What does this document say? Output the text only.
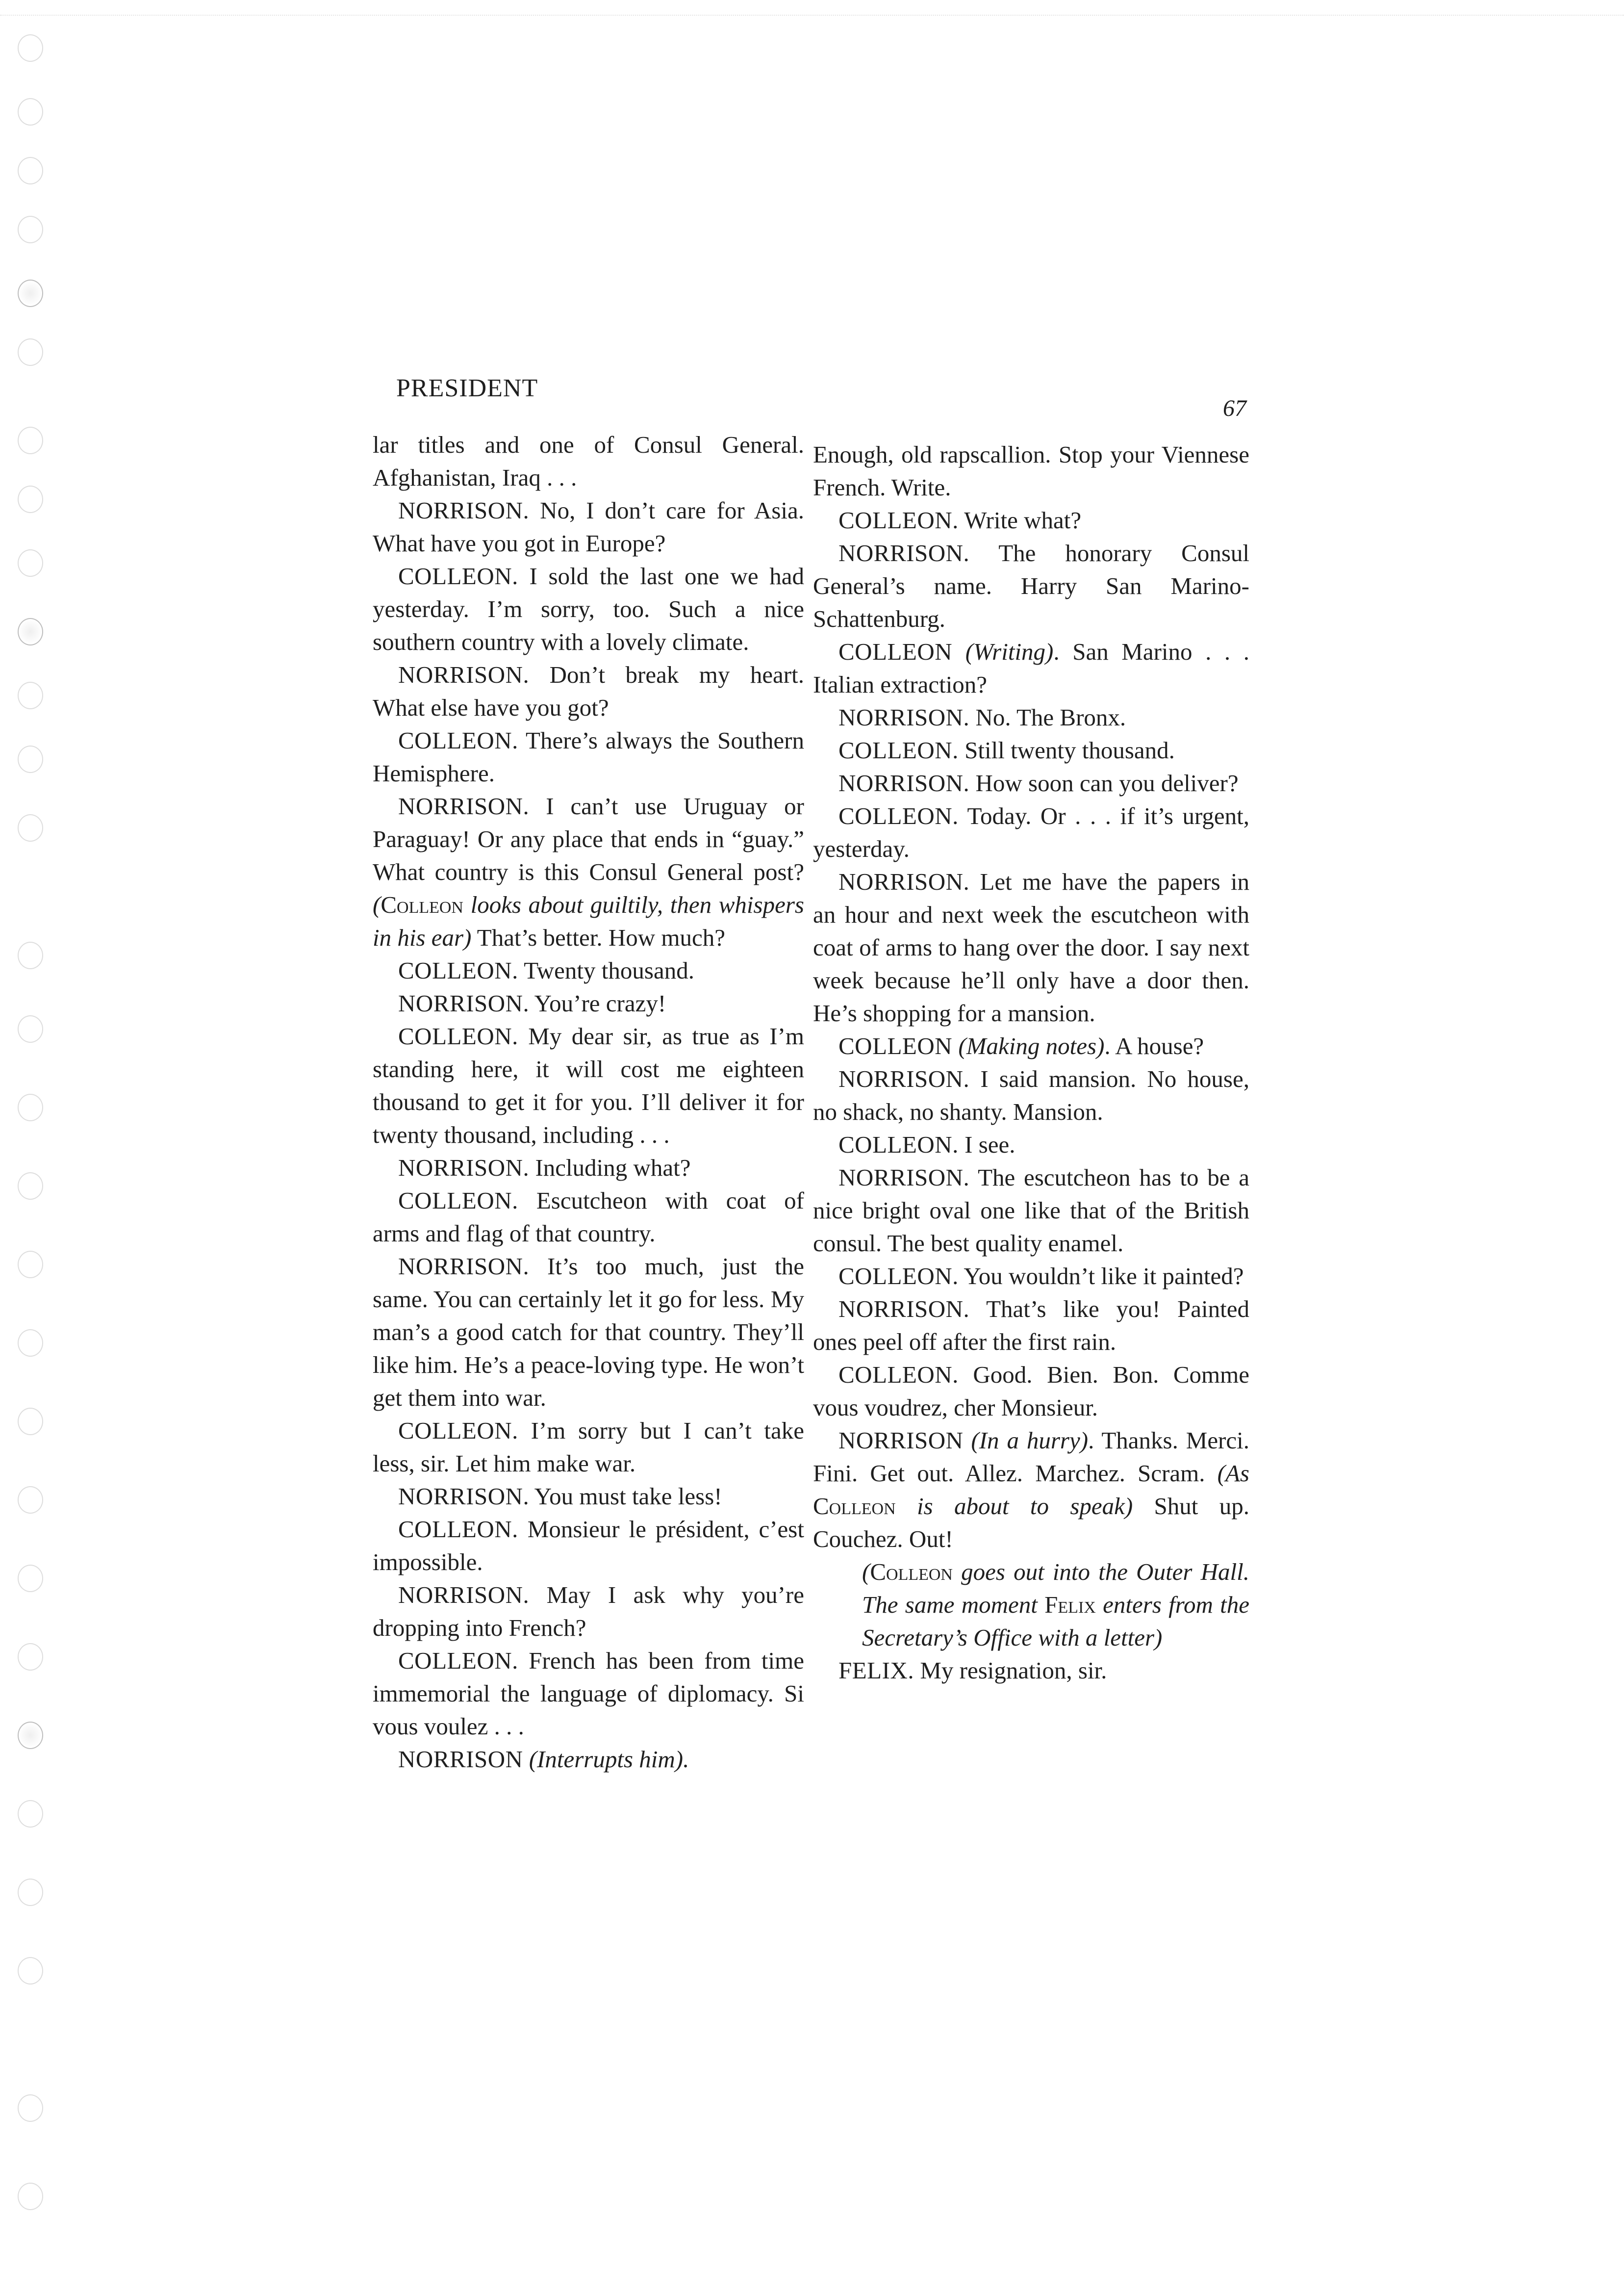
PRESIDENT
67

lar titles and one of Consul General. Afghanistan, Iraq . . .

NORRISON. No, I don’t care for Asia. What have you got in Europe?

COLLEON. I sold the last one we had yesterday. I’m sorry, too. Such a nice southern country with a lovely climate.

NORRISON. Don’t break my heart. What else have you got?

COLLEON. There’s always the Southern Hemisphere.

NORRISON. I can’t use Uruguay or Paraguay! Or any place that ends in “guay.” What country is this Consul General post? (Colleon looks about guiltily, then whispers in his ear) That’s better. How much?

COLLEON. Twenty thousand.

NORRISON. You’re crazy!

COLLEON. My dear sir, as true as I’m standing here, it will cost me eighteen thousand to get it for you. I’ll deliver it for twenty thousand, including . . .

NORRISON. Including what?

COLLEON. Escutcheon with coat of arms and flag of that country.

NORRISON. It’s too much, just the same. You can certainly let it go for less. My man’s a good catch for that country. They’ll like him. He’s a peace-loving type. He won’t get them into war.

COLLEON. I’m sorry but I can’t take less, sir. Let him make war.

NORRISON. You must take less!

COLLEON. Monsieur le président, c’est impossible.

NORRISON. May I ask why you’re dropping into French?

COLLEON. French has been from time immemorial the language of diplomacy. Si vous voulez . . .

NORRISON (Interrupts him).

Enough, old rapscallion. Stop your Viennese French. Write.

COLLEON. Write what?

NORRISON. The honorary Consul General’s name. Harry San Marino-Schattenburg.

COLLEON (Writing). San Marino . . . Italian extraction?

NORRISON. No. The Bronx.

COLLEON. Still twenty thousand.

NORRISON. How soon can you deliver?

COLLEON. Today. Or . . . if it’s urgent, yesterday.

NORRISON. Let me have the papers in an hour and next week the escutcheon with coat of arms to hang over the door. I say next week because he’ll only have a door then. He’s shopping for a mansion.

COLLEON (Making notes). A house?

NORRISON. I said mansion. No house, no shack, no shanty. Mansion.

COLLEON. I see.

NORRISON. The escutcheon has to be a nice bright oval one like that of the British consul. The best quality enamel.

COLLEON. You wouldn’t like it painted?

NORRISON. That’s like you! Painted ones peel off after the first rain.

COLLEON. Good. Bien. Bon. Comme vous voudrez, cher Monsieur.

NORRISON (In a hurry). Thanks. Merci. Fini. Get out. Allez. Marchez. Scram. (As Colleon is about to speak) Shut up. Couchez. Out!

(Colleon goes out into the Outer Hall. The same moment Felix enters from the Secretary’s Office with a letter)

FELIX. My resignation, sir.
